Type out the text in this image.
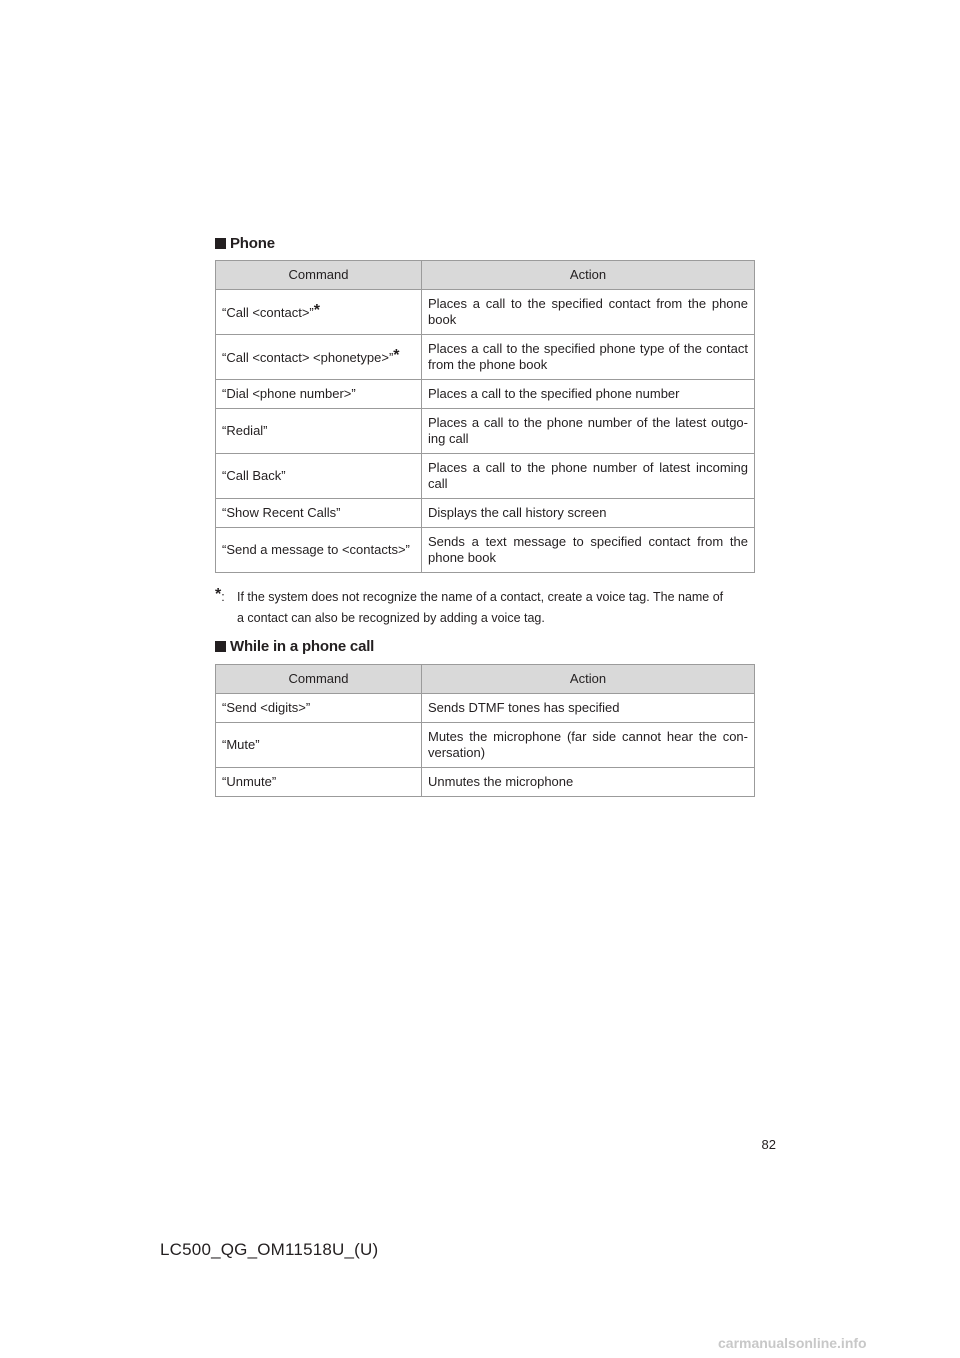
Phone
Command	Action
“Call <contact>”*	Places a call to the specified contact from the phone book
“Call <contact> <phonetype>”*	Places a call to the specified phone type of the contact from the phone book
“Dial <phone number>”	Places a call to the specified phone number
“Redial”	Places a call to the phone number of the latest outgo-ing call
“Call Back”	Places a call to the phone number of latest incoming call
“Show Recent Calls”	Displays the call history screen
“Send a message to <contacts>”	Sends a text message to specified contact from the phone book
*: If the system does not recognize the name of a contact, create a voice tag. The name of
a contact can also be recognized by adding a voice tag.
While in a phone call
Command	Action
“Send <digits>”	Sends DTMF tones has specified
“Mute”	Mutes the microphone (far side cannot hear the con-versation)
“Unmute”	Unmutes the microphone
82
LC500_QG_OM11518U_(U)
carmanualsonline.info
